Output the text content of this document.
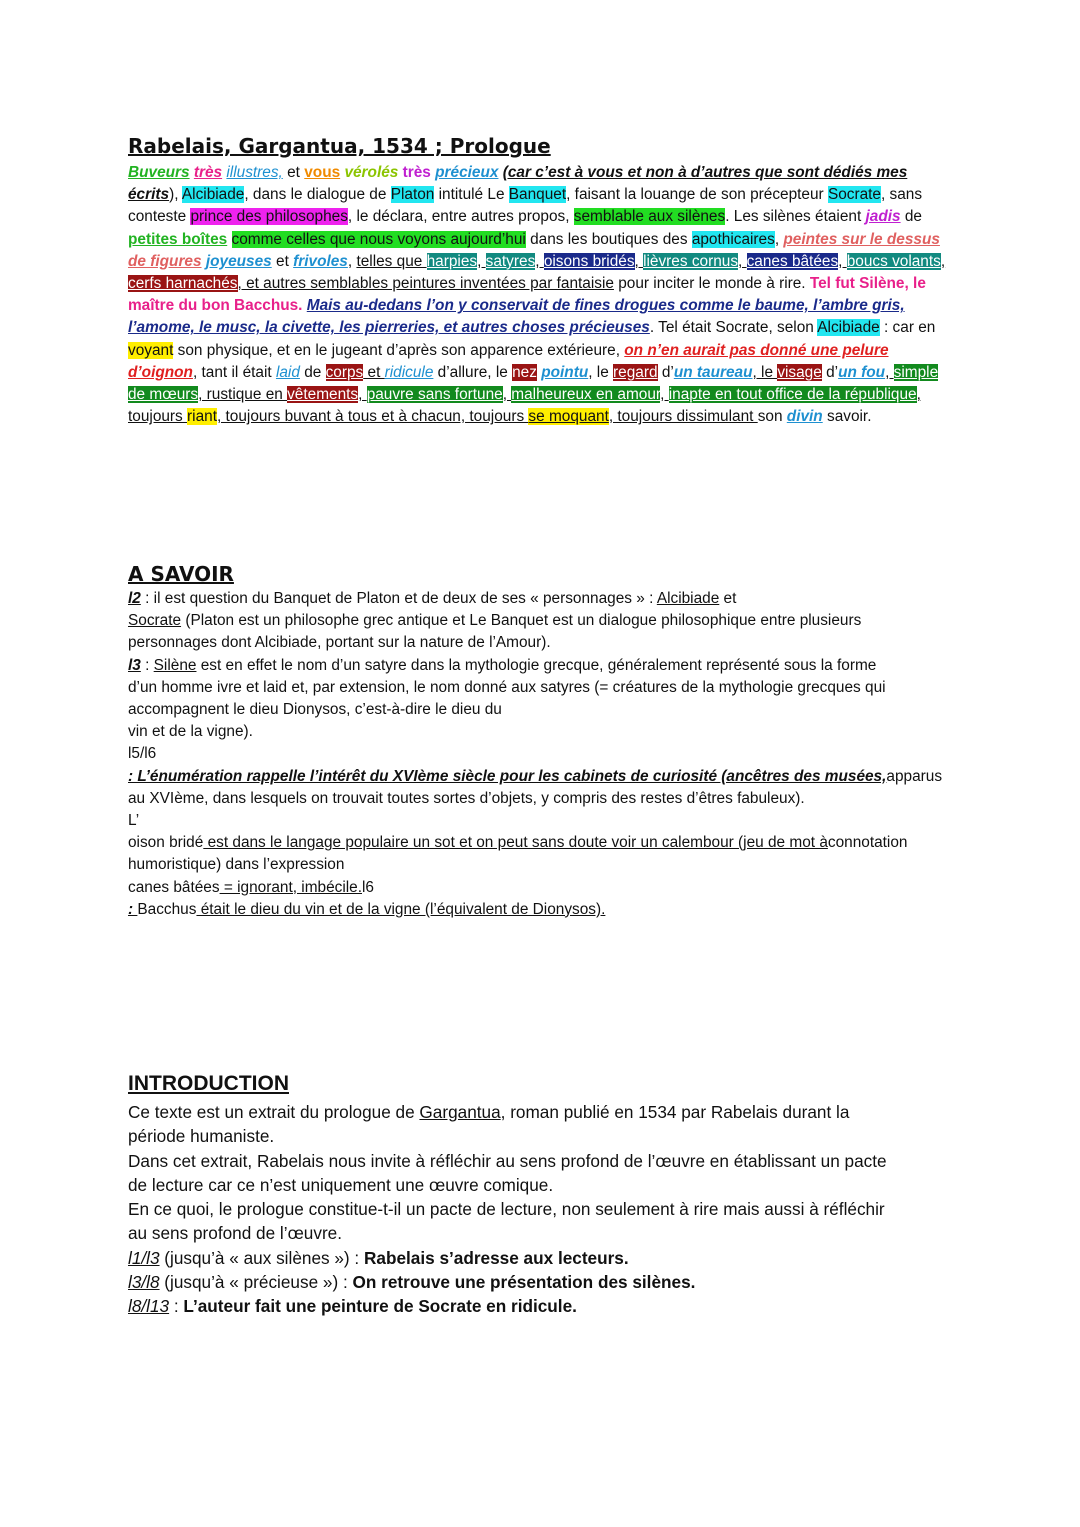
Rabelais, Gargantua, 1534 ; Prologue
Buveurs très illustres, et vous vérolés très précieux (car c’est à vous et non à d’autres que sont dédiés mes écrits), Alcibiade, dans le dialogue de Platon intitulé Le Banquet, faisant la louange de son précepteur Socrate, sans conteste prince des philosophes, le déclara, entre autres propos, semblable aux silènes. Les silènes étaient jadis de petites boîtes comme celles que nous voyons aujourd’hui dans les boutiques des apothicaires, peintes sur le dessus de figures joyeuses et frivoles, telles que harpies, satyres, oisons bridés, lièvres cornus, canes bâtées, boucs volants, cerfs harnachés, et autres semblables peintures inventées par fantaisie pour inciter le monde à rire. Tel fut Silène, le maître du bon Bacchus. Mais au-dedans l’on y conservait de fines drogues comme le baume, l’ambre gris, l’amome, le musc, la civette, les pierreries, et autres choses précieuses. Tel était Socrate, selon Alcibiade : car en voyant son physique, et en le jugeant d’après son apparence extérieure, on n’en aurait pas donné une pelure d’oignon, tant il était laid de corps et ridicule d’allure, le nez pointu, le regard d’un taureau, le visage d’un fou, simple de mœurs, rustique en vêtements, pauvre sans fortune, malheureux en amour, inapte en tout office de la république, toujours riant, toujours buvant à tous et à chacun, toujours se moquant, toujours dissimulant son divin savoir.
A SAVOIR
l2 : il est question du Banquet de Platon et de deux de ses « personnages » : Alcibiade et
Socrate (Platon est un philosophe grec antique et Le Banquet est un dialogue philosophique entre plusieurs
personnages dont Alcibiade, portant sur la nature de l’Amour).
l3 : Silène est en effet le nom d’un satyre dans la mythologie grecque, généralement représenté sous la forme
d’un homme ivre et laid et, par extension, le nom donné aux satyres (= créatures de la mythologie grecques qui
accompagnent le dieu Dionysos, c’est-à-dire le dieu du
vin et de la vigne).
l5/l6
: L’énumération rappelle l’intérêt du XVIème siècle pour les cabinets de curiosité (ancêtres des musées,apparus au XVIème, dans lesquels on trouvait toutes sortes d’objets, y compris des restes d’êtres fabuleux).
L’
oison bridé est dans le langage populaire un sot et on peut sans doute voir un calembour (jeu de mot àconnotation humoristique) dans l’expression
canes bâtées = ignorant, imbécile.l6
: Bacchus était le dieu du vin et de la vigne (l’équivalent de Dionysos).
INTRODUCTION
Ce texte est un extrait du prologue de Gargantua, roman publié en 1534 par Rabelais durant la
période humaniste.
Dans cet extrait, Rabelais nous invite à réfléchir au sens profond de l’œuvre en établissant un pacte
de lecture car ce n’est uniquement une œuvre comique.
En ce quoi, le prologue constitue-t-il un pacte de lecture, non seulement à rire mais aussi à réfléchir
au sens profond de l’œuvre.
l1/l3 (jusqu’à « aux silènes ») : Rabelais s’adresse aux lecteurs.
l3/l8 (jusqu’à « précieuse ») : On retrouve une présentation des silènes.
l8/l13 : L’auteur fait une peinture de Socrate en ridicule.
